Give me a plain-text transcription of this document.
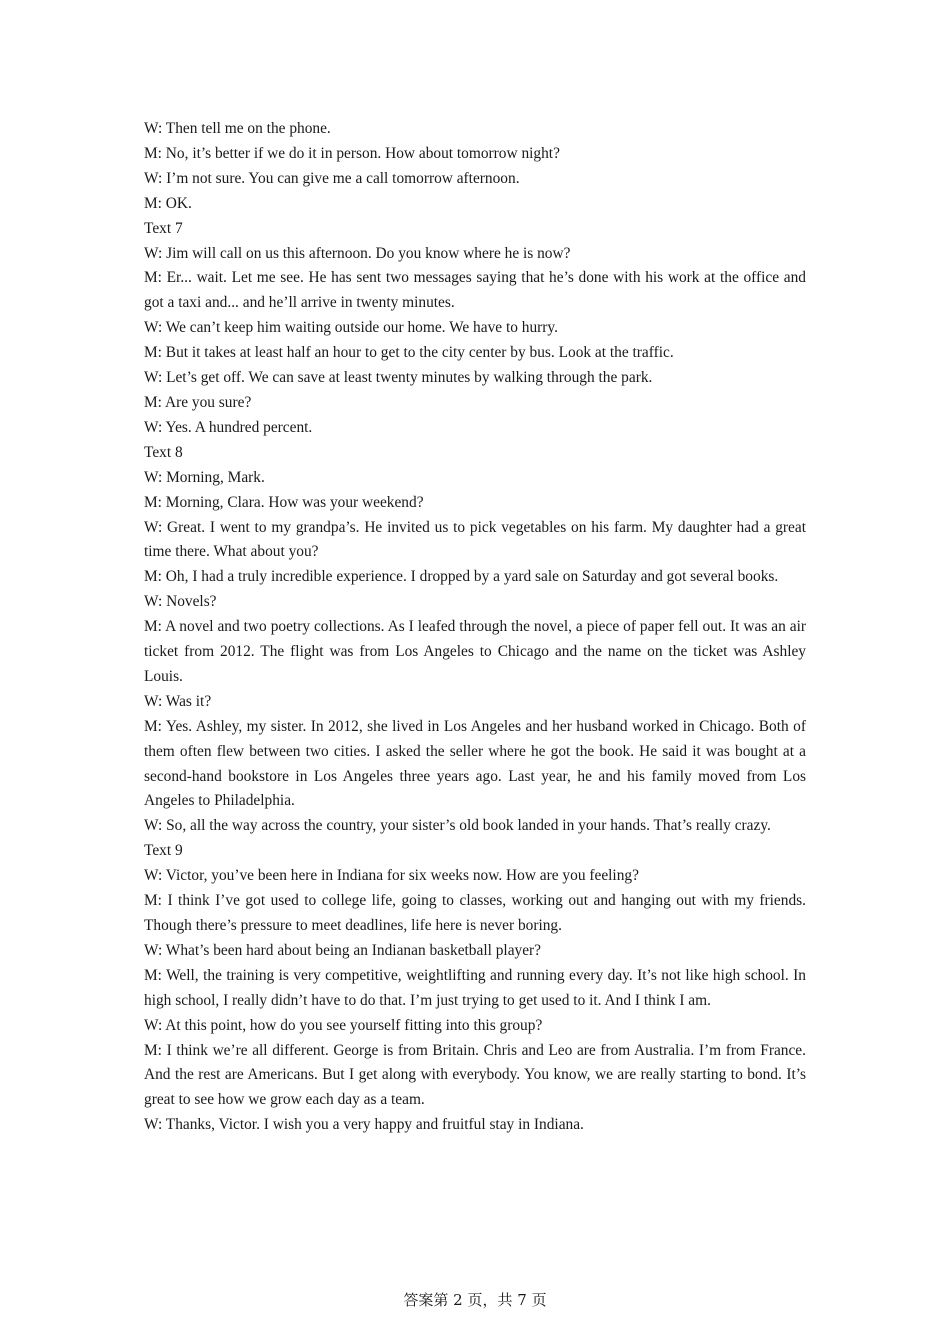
W: Then tell me on the phone.

M: No, it’s better if we do it in person. How about tomorrow night?

W: I’m not sure. You can give me a call tomorrow afternoon.

M: OK.

Text 7

W: Jim will call on us this afternoon. Do you know where he is now?

M: Er... wait. Let me see. He has sent two messages saying that he’s done with his work at the office and got a taxi and... and he’ll arrive in twenty minutes.

W: We can’t keep him waiting outside our home. We have to hurry.

M: But it takes at least half an hour to get to the city center by bus. Look at the traffic.

W: Let’s get off. We can save at least twenty minutes by walking through the park.

M: Are you sure?

W: Yes. A hundred percent.

Text 8

W: Morning, Mark.

M: Morning, Clara. How was your weekend?

W: Great. I went to my grandpa’s. He invited us to pick vegetables on his farm. My daughter had a great time there. What about you?

M: Oh, I had a truly incredible experience. I dropped by a yard sale on Saturday and got several books.

W: Novels?

M: A novel and two poetry collections. As I leafed through the novel, a piece of paper fell out. It was an air ticket from 2012. The flight was from Los Angeles to Chicago and the name on the ticket was Ashley Louis.

W: Was it?

M: Yes. Ashley, my sister. In 2012, she lived in Los Angeles and her husband worked in Chicago. Both of them often flew between two cities. I asked the seller where he got the book. He said it was bought at a second-hand bookstore in Los Angeles three years ago. Last year, he and his family moved from Los Angeles to Philadelphia.

W: So, all the way across the country, your sister’s old book landed in your hands. That’s really crazy.

Text 9

W: Victor, you’ve been here in Indiana for six weeks now. How are you feeling?

M: I think I’ve got used to college life, going to classes, working out and hanging out with my friends. Though there’s pressure to meet deadlines, life here is never boring.

W: What’s been hard about being an Indianan basketball player?

M: Well, the training is very competitive, weightlifting and running every day. It’s not like high school. In high school, I really didn’t have to do that. I’m just trying to get used to it. And I think I am.

W: At this point, how do you see yourself fitting into this group?

M: I think we’re all different. George is from Britain. Chris and Leo are from Australia. I’m from France. And the rest are Americans. But I get along with everybody. You know, we are really starting to bond. It’s great to see how we grow each day as a team.

W: Thanks, Victor. I wish you a very happy and fruitful stay in Indiana.

答案第 2 页，共 7 页
